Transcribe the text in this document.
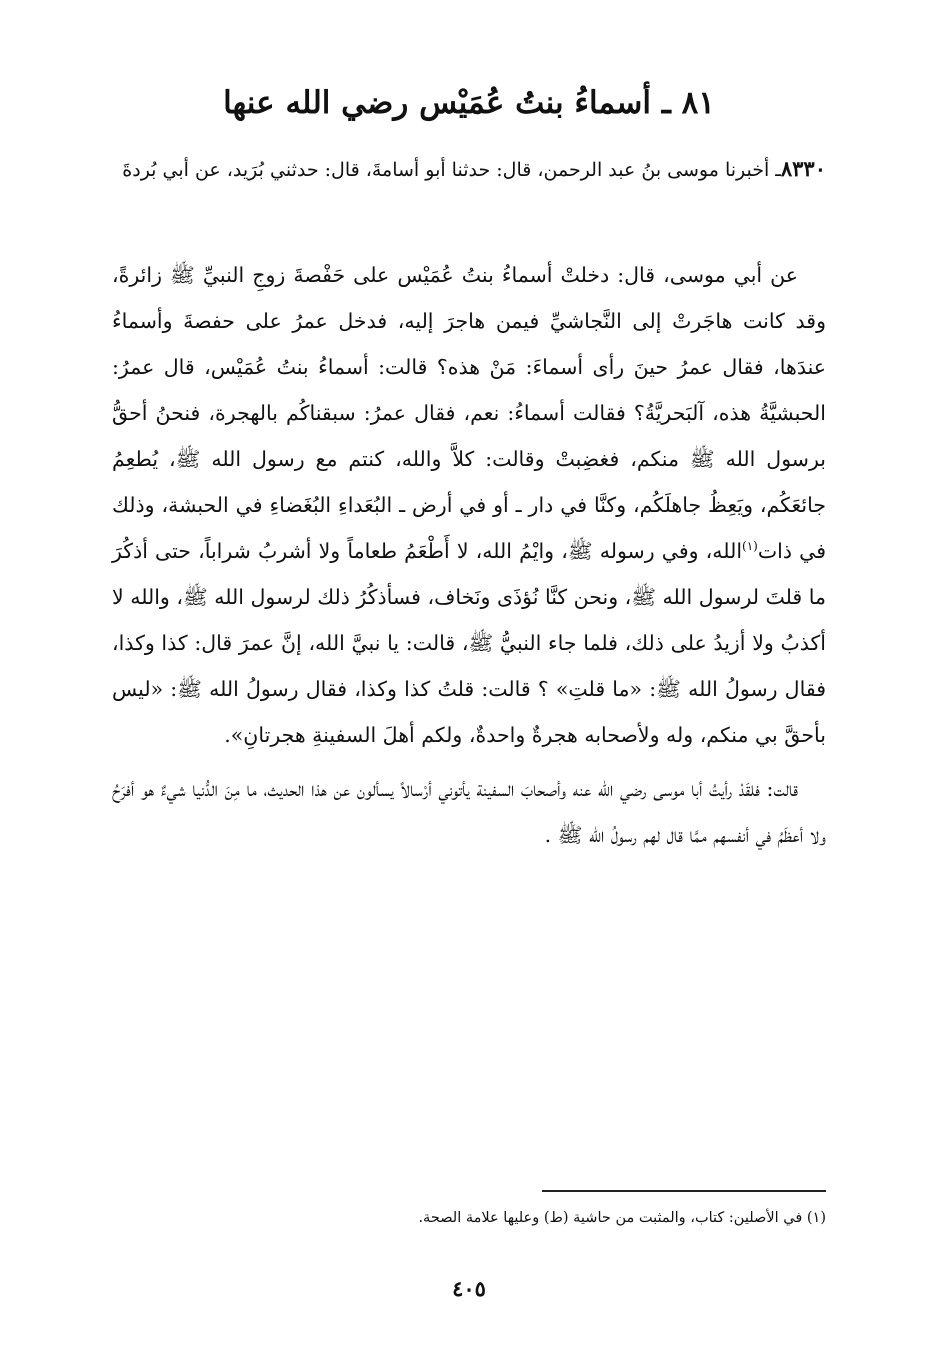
٨١ ـ أسماءُ بنتُ عُمَيْس رضي الله عنها
٨٣٣٠ـ أخبرنا موسى بنُ عبد الرحمن، قال: حدثنا أبو أسامةَ، قال: حدثني بُرَيد، عن أبي بُردةَ

عن أبي موسى، قال: دخلتْ أسماءُ بنتُ عُمَيْس على حَفْصةَ زوجِ النبيِّ ﷺ زائرةً، وقد كانت هاجَرتْ إلى النَّجاشيِّ فيمن هاجرَ إليه، فدخل عمرُ على حفصةَ وأسماءُ عندَها، فقال عمرُ حينَ رأى أسماءَ: مَنْ هذه؟ قالت: أسماءُ بنتُ عُمَيْس، قال عمرُ: الحبشيَّةُ هذه، آلبَحريَّةُ؟ فقالت أسماءُ: نعم، فقال عمرُ: سبقناكُم بالهجرة، فنحنُ أحقُّ برسول الله ﷺ منكم، فغضِبتْ وقالت: كلاَّ والله، كنتم مع رسول الله ﷺ، يُطعِمُ جائعَكُم، ويَعِظُ جاهلَكُم، وكنَّا في دار ـ أو في أرض ـ البُعَداءِ البُغَضاءِ في الحبشة، وذلك في ذات$^{(١)}$الله، وفي رسوله ﷺ، وايْمُ الله، لا أَطْعَمُ طعاماً ولا أشربُ شراباً، حتى أذكُرَ ما قلتَ لرسول الله ﷺ، ونحن كنَّا نُؤذَى ونَخاف، فسأذكُرُ ذلك لرسول الله ﷺ، والله لا أكذبُ ولا أزيدُ على ذلك، فلما جاء النبيُّ ﷺ، قالت: يا نبيَّ الله، إنَّ عمرَ قال: كذا وكذا، فقال رسولُ الله ﷺ: «ما قلتِ» ؟ قالت: قلتُ كذا وكذا، فقال رسولُ الله ﷺ: «ليس بأحقَّ بي منكم، وله ولأصحابه هجرةٌ واحدةٌ، ولكم أهلَ السفينةِ هجرتانِ».

قالت: فلقَدْ رأيتُ أبا موسى رضي الله عنه وأصحابَ السفينة يأتوني أرْسالاً يسألون عن هذا الحديث، ما مِنَ الدُّنيا شيءٌ هو أفرَحُ ولا أعظَمُ في أنفسهم ممَّا قال لهم رسولُ الله ﷺ .

(١) في الأصلين: كتاب، والمثبت من حاشية (ط) وعليها علامة الصحة.
٤٠٥
